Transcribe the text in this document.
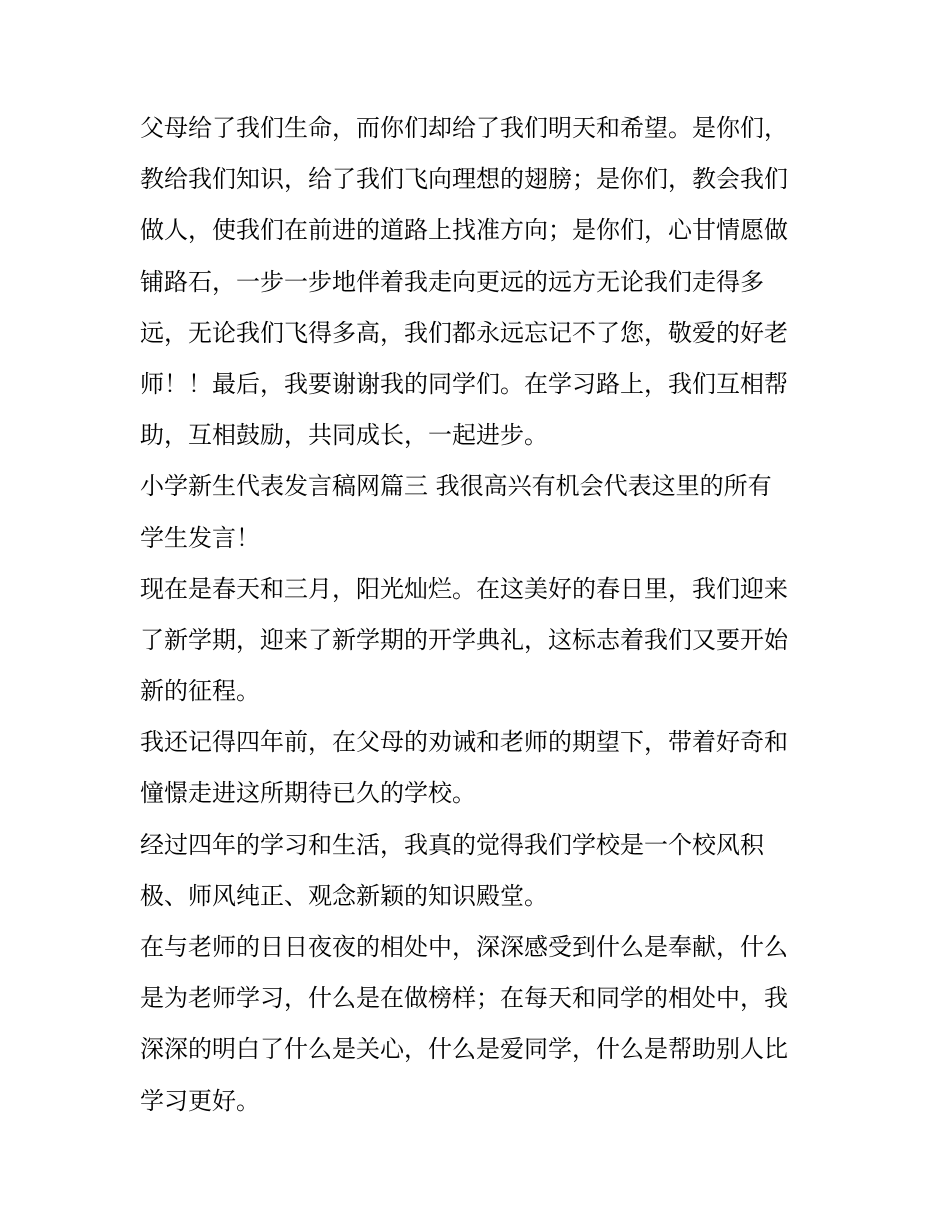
父母给了我们生命，而你们却给了我们明天和希望。是你们，
教给我们知识，给了我们飞向理想的翅膀；是你们，教会我们
做人，使我们在前进的道路上找准方向；是你们，心甘情愿做
铺路石，一步一步地伴着我走向更远的远方无论我们走得多
远，无论我们飞得多高，我们都永远忘记不了您，敬爱的好老
师！！最后，我要谢谢我的同学们。在学习路上，我们互相帮
助，互相鼓励，共同成长，一起进步。
小学新生代表发言稿网篇三 我很高兴有机会代表这里的所有
学生发言！
现在是春天和三月，阳光灿烂。在这美好的春日里，我们迎来
了新学期，迎来了新学期的开学典礼，这标志着我们又要开始
新的征程。
我还记得四年前，在父母的劝诫和老师的期望下，带着好奇和
憧憬走进这所期待已久的学校。
经过四年的学习和生活，我真的觉得我们学校是一个校风积
极、师风纯正、观念新颖的知识殿堂。
在与老师的日日夜夜的相处中，深深感受到什么是奉献，什么
是为老师学习，什么是在做榜样；在每天和同学的相处中，我
深深的明白了什么是关心，什么是爱同学，什么是帮助别人比
学习更好。
